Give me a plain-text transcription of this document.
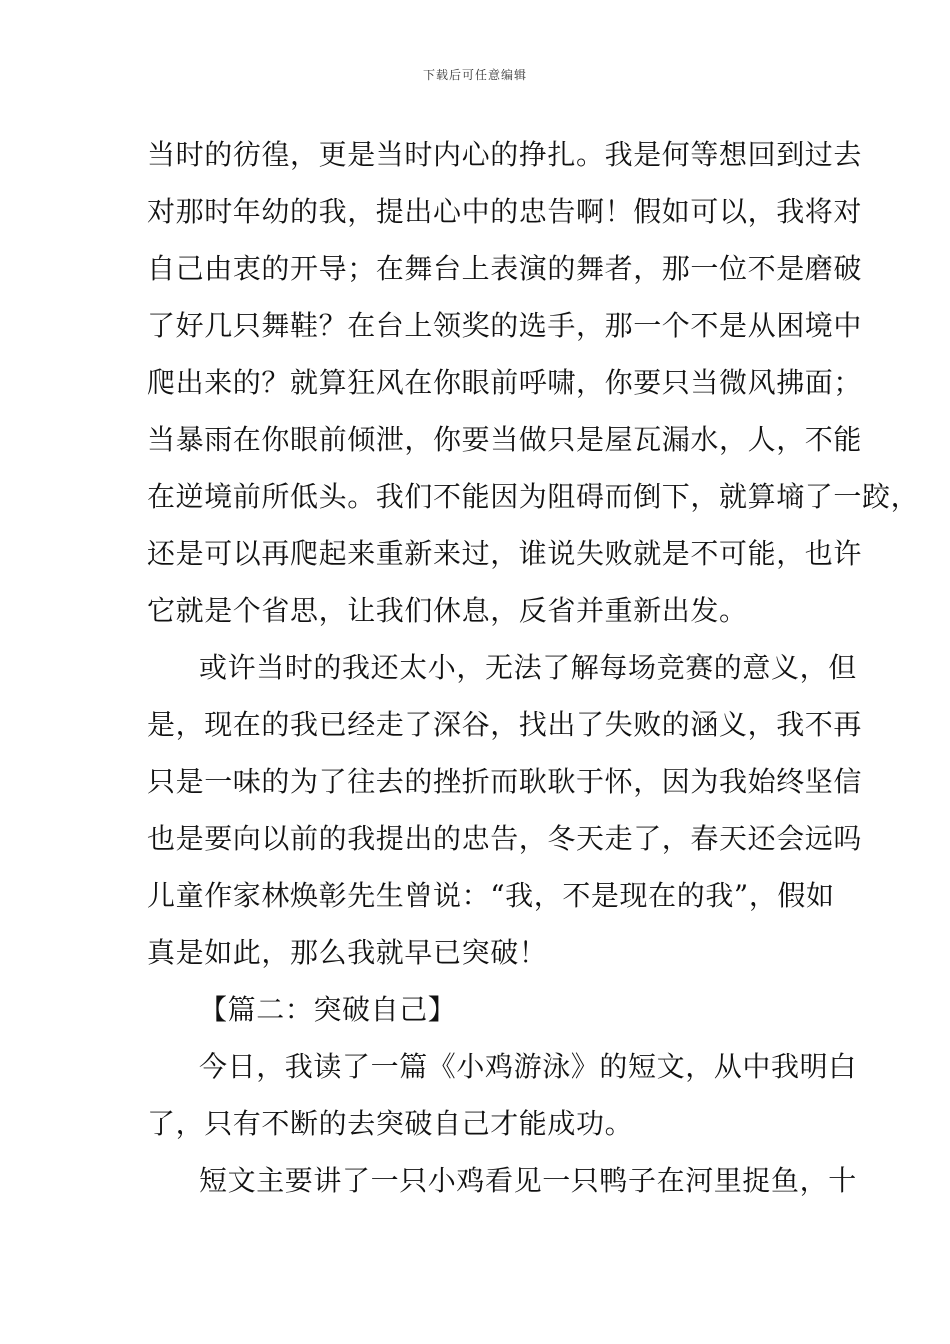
下载后可任意编辑
当时的彷徨，更是当时内心的挣扎。我是何等想回到过去
对那时年幼的我，提出心中的忠告啊！假如可以，我将对
自己由衷的开导；在舞台上表演的舞者，那一位不是磨破
了好几只舞鞋？在台上领奖的选手，那一个不是从困境中
爬出来的？就算狂风在你眼前呼啸，你要只当微风拂面；
当暴雨在你眼前倾泄，你要当做只是屋瓦漏水，人，不能
在逆境前所低头。我们不能因为阻碍而倒下，就算墒了一跤，
还是可以再爬起来重新来过，谁说失败就是不可能，也许
它就是个省思，让我们休息，反省并重新出发。
或许当时的我还太小，无法了解每场竞赛的意义，但
是，现在的我已经走了深谷，找出了失败的涵义，我不再
只是一味的为了往去的挫折而耿耿于怀，因为我始终坚信
也是要向以前的我提出的忠告，冬天走了，春天还会远吗
儿童作家林焕彰先生曾说：“我，不是现在的我”，假如
真是如此，那么我就早已突破！
【篇二：突破自己】
今日，我读了一篇《小鸡游泳》的短文，从中我明白
了，只有不断的去突破自己才能成功。
短文主要讲了一只小鸡看见一只鸭子在河里捉鱼，十
